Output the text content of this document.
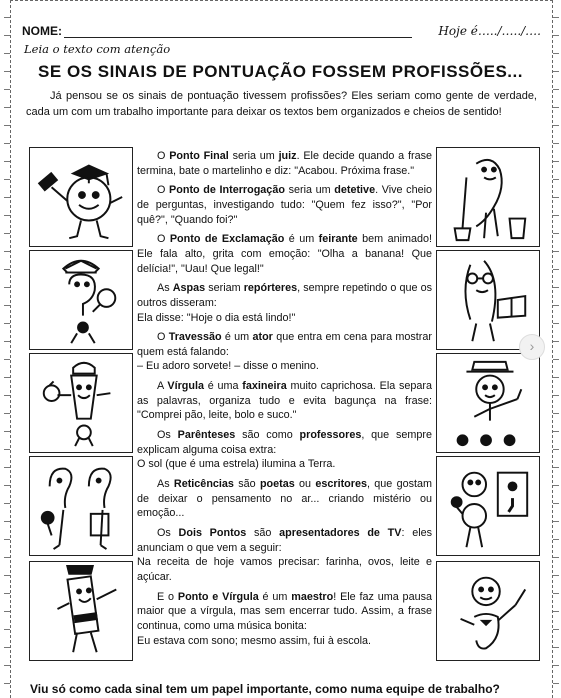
NOME:	Hoje é…../…../….
Leia o texto com atenção
SE OS SINAIS DE PONTUAÇÃO FOSSEM PROFISSÕES...
Já pensou se os sinais de pontuação tivessem profissões? Eles seriam como gente de verdade, cada um com um trabalho importante para deixar os textos bem organizados e cheios de sentido!

O Ponto Final seria um juiz. Ele decide quando a frase termina, bate o martelinho e diz: "Acabou. Próxima frase."

O Ponto de Interrogação seria um detetive. Vive cheio de perguntas, investigando tudo: "Quem fez isso?", "Por quê?", "Quando foi?"

O Ponto de Exclamação é um feirante bem animado! Ele fala alto, grita com emoção: "Olha a banana! Que delícia!", "Uau! Que legal!"

As Aspas seriam repórteres, sempre repetindo o que os outros disseram:
Ela disse: "Hoje o dia está lindo!"

O Travessão é um ator que entra em cena para mostrar quem está falando:
– Eu adoro sorvete! – disse o menino.

A Vírgula é uma faxineira muito caprichosa. Ela separa as palavras, organiza tudo e evita bagunça na frase: "Comprei pão, leite, bolo e suco."

Os Parênteses são como professores, que sempre explicam alguma coisa extra:
O sol (que é uma estrela) ilumina a Terra.

As Reticências são poetas ou escritores, que gostam de deixar o pensamento no ar... criando mistério ou emoção...

Os Dois Pontos são apresentadores de TV: eles anunciam o que vem a seguir:
Na receita de hoje vamos precisar: farinha, ovos, leite e açúcar.

E o Ponto e Vírgula é um maestro! Ele faz uma pausa maior que a vírgula, mas sem encerrar tudo. Assim, a frase continua, como uma música bonita:
Eu estava com sono; mesmo assim, fui à escola.

›
Viu só como cada sinal tem um papel importante, como numa equipe de trabalho?
